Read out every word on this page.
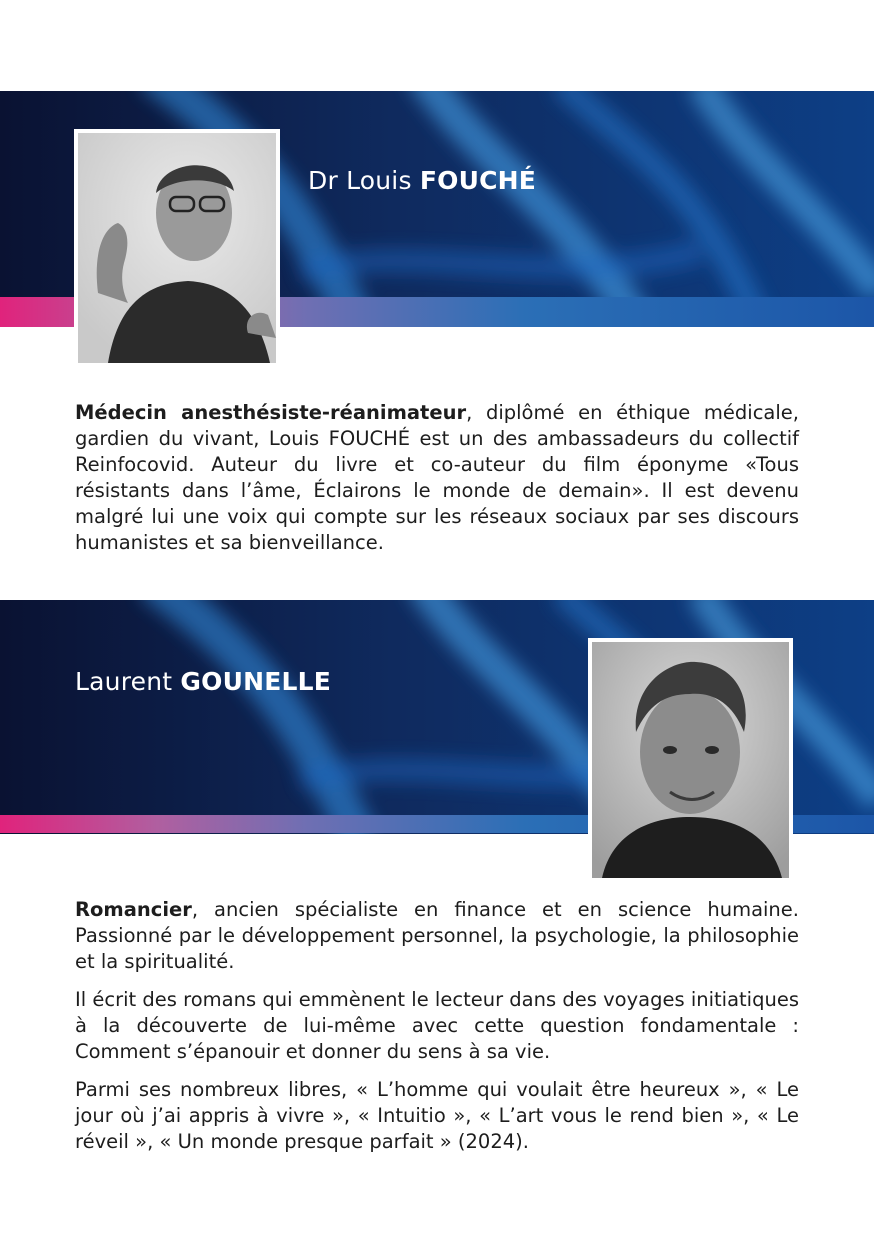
Dr Louis FOUCHÉ

Médecin anesthésiste-réanimateur, diplômé en éthique médicale, gardien du vivant, Louis FOUCHÉ est un des ambassadeurs du collectif Reinfocovid. Auteur du livre et co-auteur du film éponyme «Tous résistants dans l’âme, Éclairons le monde de demain». Il est devenu malgré lui une voix qui compte sur les réseaux sociaux par ses discours humanistes et sa bienveillance.

Laurent GOUNELLE

Romancier, ancien spécialiste en finance et en science humaine. Passionné par le développement personnel, la psychologie, la philosophie et la spiritualité.

Il écrit des romans qui emmènent le lecteur dans des voyages initiatiques à la découverte de lui-même avec cette question fondamentale : Comment s’épanouir et donner du sens à sa vie.

Parmi ses nombreux libres, « L’homme qui voulait être heureux », « Le jour où j’ai appris à vivre », « Intuitio », « L’art vous le rend bien », « Le réveil », « Un monde presque parfait » (2024).
